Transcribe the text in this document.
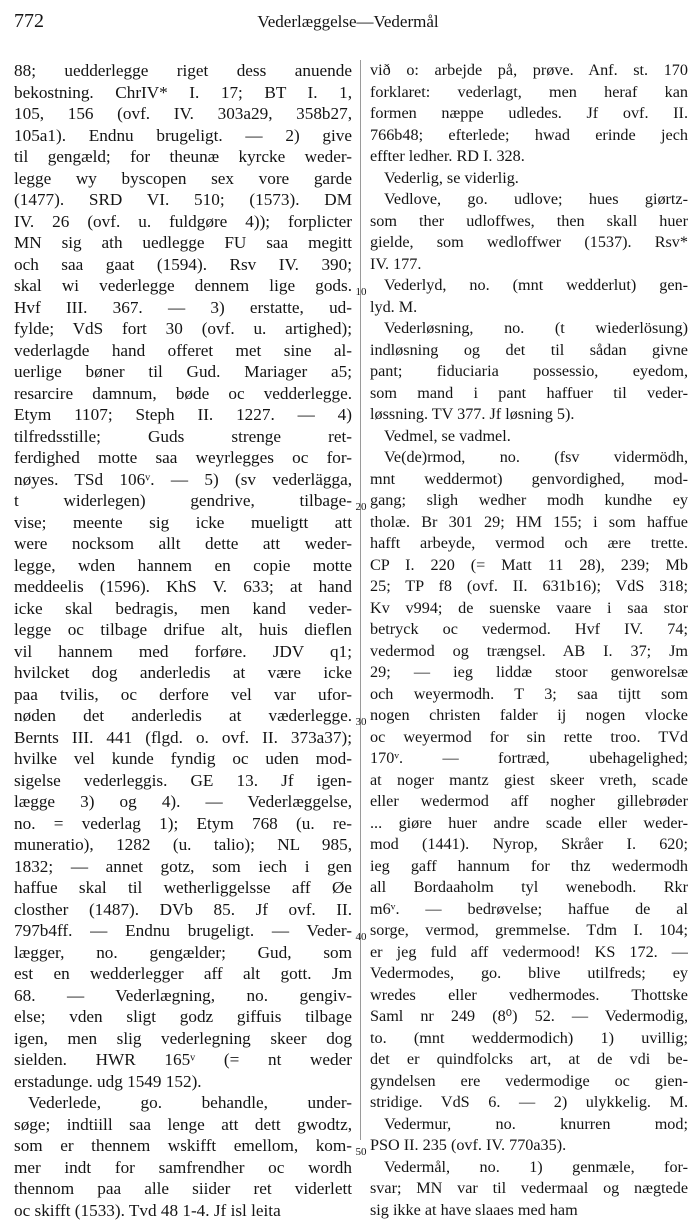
772	Vederlæggelse—Vedermål
88; uedderlegge riget dess anuende
bekostning. ChrIV* I. 17; BT I. 1,
105, 156 (ovf. IV. 303a29, 358b27,
105a1). Endnu brugeligt. — 2) give
til gengæld; for theunæ kyrcke weder-
legge wy byscopen sex vore garde
(1477). SRD VI. 510; (1573). DM
IV. 26 (ovf. u. fuldgøre 4)); forplicter
MN sig ath uedlegge FU saa megitt
och saa gaat (1594). Rsv IV. 390;
skal wi vederlegge dennem lige gods.
Hvf III. 367. — 3) erstatte, ud-
fylde; VdS fort 30 (ovf. u. artighed);
vederlagde hand offeret met sine al-
uerlige bøner til Gud. Mariager a5;
resarcire damnum, bøde oc vedderlegge.
Etym 1107; Steph II. 1227. — 4)
tilfredsstille; Guds strenge ret-
ferdighed motte saa weyrlegges oc for-
nøyes. TSd 106ᵛ. — 5) (sv vederlägga,
t widerlegen) gendrive, tilbage-
vise; meente sig icke mueligtt att
were nocksom allt dette att weder-
legge, wden hannem en copie motte
meddeelis (1596). KhS V. 633; at hand
icke skal bedragis, men kand veder-
legge oc tilbage drifue alt, huis dieflen
vil hannem med forføre. JDV q1;
hvilcket dog anderledis at være icke
paa tvilis, oc derfore vel var ufor-
nøden det anderledis at væderlegge.
Bernts III. 441 (flgd. o. ovf. II. 373a37);
hvilke vel kunde fyndig oc uden mod-
sigelse vederleggis. GE 13. Jf igen-
lægge 3) og 4). — Vederlæggelse,
no. = vederlag 1); Etym 768 (u. re-
muneratio), 1282 (u. talio); NL 985,
1832; — annet gotz, som iech i gen
haffue skal til wetherliggelsse aff Øe
closther (1487). DVb 85. Jf ovf. II.
797b4ff. — Endnu brugeligt. — Veder-
lægger, no. gengælder; Gud, som
est en wedderlegger aff alt gott. Jm
68. — Vederlægning, no. gengiv-
else; vden sligt godz giffuis tilbage
igen, men slig vederlegning skeer dog
sielden. HWR 165ᵛ (= nt weder
erstadunge. udg 1549 152).
Vederlede, go. behandle, under-
søge; indtiill saa lenge att dett gwodtz,
som er thennem wskifft emellom, kom-
mer indt for samfrendher oc wordh
thennom paa alle siider ret viderlett
oc skifft (1533). Tvd 48 1-4. Jf isl leita
við o: arbejde på, prøve. Anf. st. 170
forklaret: vederlagt, men heraf kan
formen næppe udledes. Jf ovf. II.
766b48; efterlede; hwad erinde jech
effter ledher. RD I. 328.
Vederlig, se viderlig.
Vedlove, go. udlove; hues giørtz-
som ther udloffwes, then skall huer
gielde, som wedloffwer (1537). Rsv*
IV. 177.
Vederlyd, no. (mnt wedderlut) gen-
lyd. M.
Vederløsning, no. (t wiederlösung)
indløsning og det til sådan givne
pant; fiduciaria possessio, eyedom,
som mand i pant haffuer til veder-
løssning. TV 377. Jf løsning 5).
Vedmel, se vadmel.
Ve(de)rmod, no. (fsv vidermödh,
mnt weddermot) genvordighed, mod-
gang; sligh wedher modh kundhe ey
tholæ. Br 301 29; HM 155; i som haffue
hafft arbeyde, vermod och ære trette.
CP I. 220 (= Matt 11 28), 239; Mb
25; TP f8 (ovf. II. 631b16); VdS 318;
Kv v994; de suenske vaare i saa stor
betryck oc vedermod. Hvf IV. 74;
vedermod og trængsel. AB I. 37; Jm
29; — ieg liddæ stoor genworelsæ
och weyermodh. T 3; saa tijtt som
nogen christen falder ij nogen vlocke
oc weyermod for sin rette troo. TVd
170ᵛ. — fortræd, ubehagelighed;
at noger mantz giest skeer vreth, scade
eller wedermod aff nogher gillebrøder
... giøre huer andre scade eller weder-
mod (1441). Nyrop, Skråer I. 620;
ieg gaff hannum for thz wedermodh
all Bordaaholm tyl wenebodh. Rkr
m6ᵛ. — bedrøvelse; haffue de al
sorge, vermod, gremmelse. Tdm I. 104;
er jeg fuld aff vedermood! KS 172. —
Vedermodes, go. blive utilfreds; ey
wredes eller vedhermodes. Thottske
Saml nr 249 (8⁰) 52. — Vedermodig,
to. (mnt weddermodich) 1) uvillig;
det er quindfolcks art, at de vdi be-
gyndelsen ere vedermodige oc gien-
stridige. VdS 6. — 2) ulykkelig. M.
Vedermur, no. knurren mod;
PSO II. 235 (ovf. IV. 770a35).
Vedermål, no. 1) genmæle, for-
svar; MN var til vedermaal og nægtede
sig ikke at have slaaes med ham
10
20
30
40
50
